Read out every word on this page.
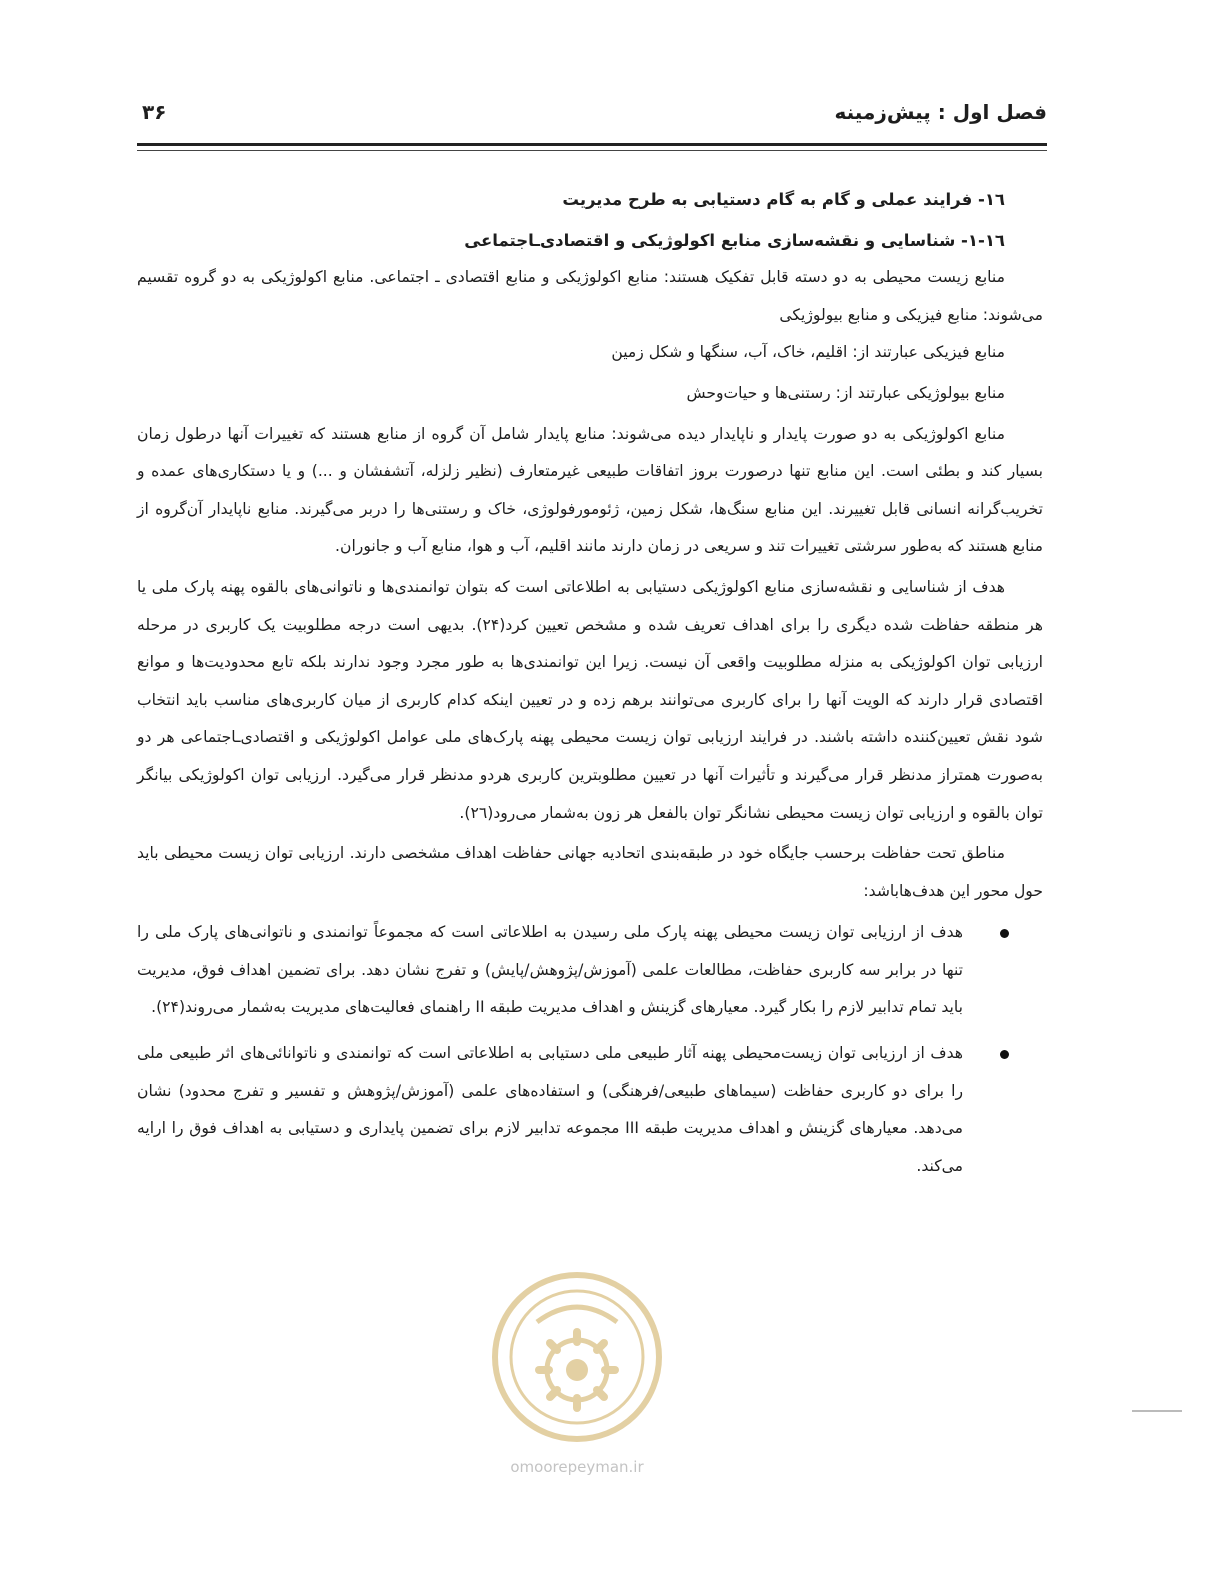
فصل اول : پیش‌زمینه
۳۶

۱٦- فرایند عملی و گام به گام دستیابی به طرح مدیریت

۱٦-۱- شناسایی و نقشه‌سازی منابع اکولوژیکی و اقتصادی‌ـاجتماعی

منابع زیست محیطی به دو دسته قابل تفکیک هستند: منابع اکولوژیکی و منابع اقتصادی ـ اجتماعی. منابع اکولوژیکی به دو گروه تقسیم می‌شوند: منابع فیزیکی و منابع بیولوژیکی

منابع فیزیکی عبارتند از: اقلیم، خاک، آب، سنگها و شکل زمین

منابع بیولوژیکی عبارتند از: رستنی‌ها و حیات‌وحش

منابع اکولوژیکی به دو صورت پایدار و ناپایدار دیده می‌شوند: منابع پایدار شامل آن گروه از منابع هستند که تغییرات آنها درطول زمان بسیار کند و بطئی است. این منابع تنها درصورت بروز اتفاقات طبیعی غیرمتعارف (نظیر زلزله، آتشفشان و ...) و یا دستکاری‌های عمده و تخریب‌گرانه انسانی قابل تغییرند. این منابع سنگ‌ها، شکل زمین، ژئومورفولوژی، خاک و رستنی‌ها را دربر می‌گیرند. منابع ناپایدار آن‌گروه از منابع هستند که به‌طور سرشتی تغییرات تند و سریعی در زمان دارند مانند اقلیم، آب و هوا، منابع آب و جانوران.

هدف از شناسایی و نقشه‌سازی منابع اکولوژیکی دستیابی به اطلاعاتی است که بتوان توانمندی‌ها و ناتوانی‌های بالقوه پهنه پارک ملی یا هر منطقه حفاظت شده دیگری را برای اهداف تعریف شده و مشخص تعیین کرد(۲۴). بدیهی است درجه مطلوبیت یک کاربری در مرحله ارزیابی توان اکولوژیکی به منزله مطلوبیت واقعی آن نیست. زیرا این توانمندی‌ها به طور مجرد وجود ندارند بلکه تابع محدودیت‌ها و موانع اقتصادی قرار دارند که الویت آنها را برای کاربری می‌توانند برهم زده و در تعیین اینکه کدام کاربری از میان کاربری‌های مناسب باید انتخاب شود نقش تعیین‌کننده داشته باشند. در فرایند ارزیابی توان زیست محیطی پهنه پارک‌های ملی عوامل اکولوژیکی و اقتصادی‌ـاجتماعی هر دو به‌صورت همتراز مدنظر قرار می‌گیرند و تأثیرات آنها در تعیین مطلوبترین کاربری هردو مدنظر قرار می‌گیرد. ارزیابی توان اکولوژیکی بیانگر توان بالقوه و ارزیابی توان زیست محیطی نشانگر توان بالفعل هر زون به‌شمار می‌رود(۲٦).

مناطق تحت حفاظت برحسب جایگاه خود در طبقه‌بندی اتحادیه جهانی حفاظت اهداف مشخصی دارند. ارزیابی توان زیست محیطی باید حول محور این هدف‌هاباشد:

هدف از ارزیابی توان زیست محیطی پهنه پارک ملی رسیدن به اطلاعاتی است که مجموعاً توانمندی و ناتوانی‌های پارک ملی را تنها در برابر سه کاربری حفاظت، مطالعات علمی (آموزش/پژوهش/پایش) و تفرج نشان دهد. برای تضمین اهداف فوق، مدیریت باید تمام تدابیر لازم را بکار گیرد. معیارهای گزینش و اهداف مدیریت طبقه II راهنمای فعالیت‌های مدیریت به‌شمار می‌روند(۲۴).
هدف از ارزیابی توان زیست‌محیطی پهنه آثار طبیعی ملی دستیابی به اطلاعاتی است که توانمندی و ناتوانائی‌های اثر طبیعی ملی را برای دو کاربری حفاظت (سیماهای طبیعی/فرهنگی) و استفاده‌های علمی (آموزش/پژوهش و تفسیر و تفرج محدود) نشان می‌دهد. معیارهای گزینش و اهداف مدیریت طبقه III مجموعه تدابیر لازم برای تضمین پایداری و دستیابی به اهداف فوق را ارایه می‌کند.
omoorepeyman.ir
